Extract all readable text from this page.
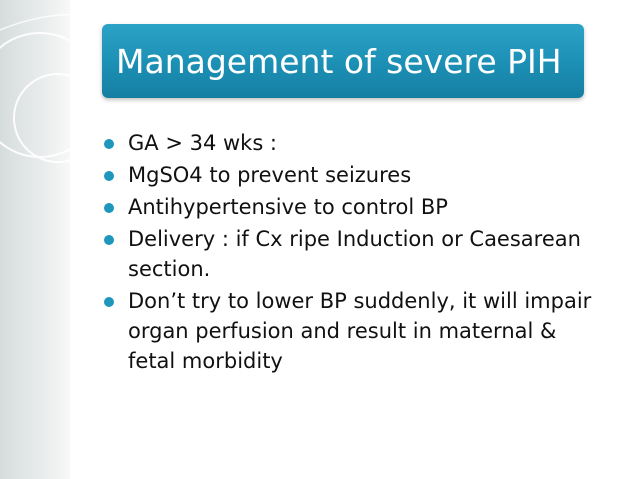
Management of severe PIH
GA > 34 wks :
MgSO4 to prevent seizures
Antihypertensive to control BP
Delivery : if Cx ripe Induction or Caesarean section.
Don’t try to lower BP suddenly, it will impair organ perfusion and result in maternal & fetal morbidity
